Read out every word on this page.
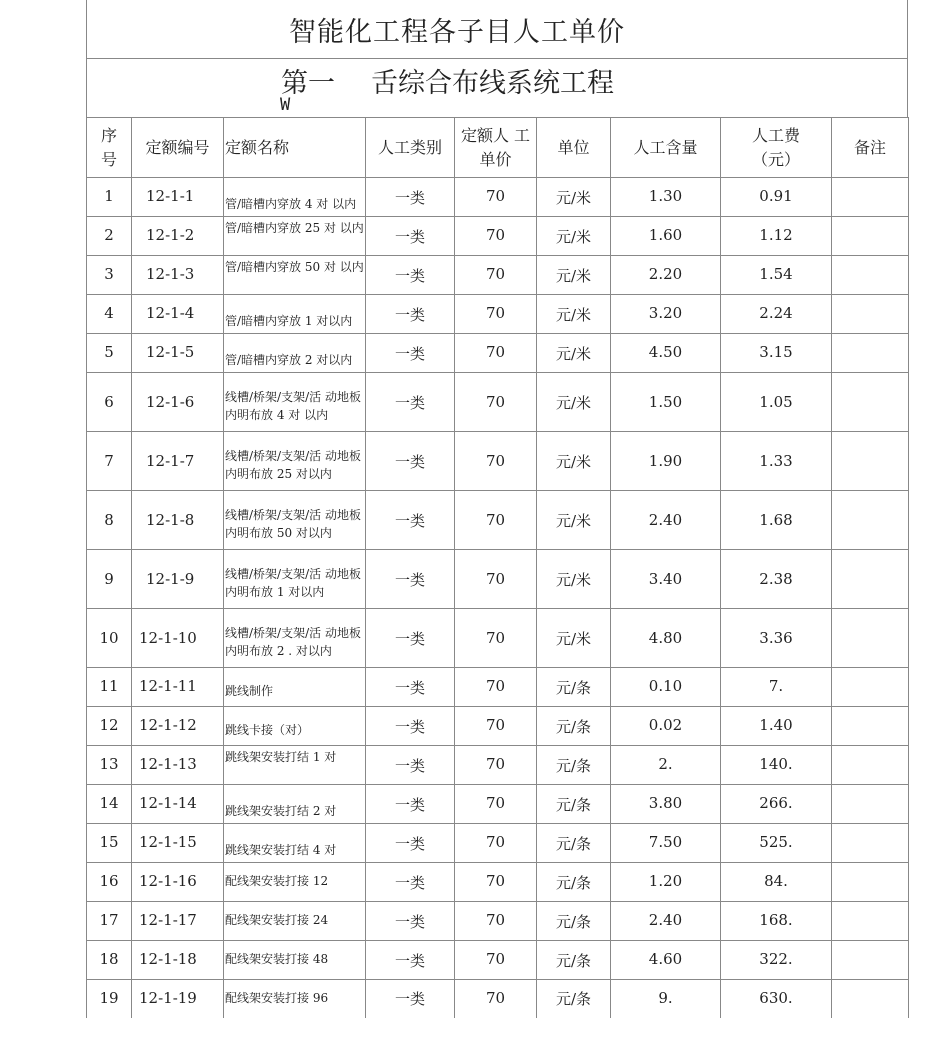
智能化工程各子目人工单价
第一 舌综合布线系统工程
W
序号	定额编号	定额名称	人工类别	定额人 工单价	单位	人工含量	人工费（元）	备注
1	12-1-1	管/暗槽内穿放 4 对 以内	一类	70	元/米	1.30	0.91	
2	12-1-2	管/暗槽内穿放 25 对 以内	一类	70	元/米	1.60	1.12	
3	12-1-3	管/暗槽内穿放 50 对 以内	一类	70	元/米	2.20	1.54	
4	12-1-4	管/暗槽内穿放 1 对以内	一类	70	元/米	3.20	2.24	
5	12-1-5	管/暗槽内穿放 2 对以内	一类	70	元/米	4.50	3.15	
6	12-1-6	线槽/桥架/支架/活 动地板内明布放 4 对 以内	一类	70	元/米	1.50	1.05	
7	12-1-7	线槽/桥架/支架/活 动地板内明布放 25 对以内	一类	70	元/米	1.90	1.33	
8	12-1-8	线槽/桥架/支架/活 动地板内明布放 50 对以内	一类	70	元/米	2.40	1.68	
9	12-1-9	线槽/桥架/支架/活 动地板内明布放 1 对以内	一类	70	元/米	3.40	2.38	
10	12-1-10	线槽/桥架/支架/活 动地板内明布放 2 . 对以内	一类	70	元/米	4.80	3.36	
11	12-1-11	跳线制作	一类	70	元/条	0.10	7.	
12	12-1-12	跳线卡接（对）	一类	70	元/条	0.02	1.40	
13	12-1-13	跳线架安装打结 1 对	一类	70	元/条	2.	140.	
14	12-1-14	跳线架安装打结 2 对	一类	70	元/条	3.80	266.	
15	12-1-15	跳线架安装打结 4 对	一类	70	元/条	7.50	525.	
16	12-1-16	配线架安装打接 12	一类	70	元/条	1.20	84.	
17	12-1-17	配线架安装打接 24	一类	70	元/条	2.40	168.	
18	12-1-18	配线架安装打接 48	一类	70	元/条	4.60	322.	
19	12-1-19	配线架安装打接 96	一类	70	元/条	9.	630.	
